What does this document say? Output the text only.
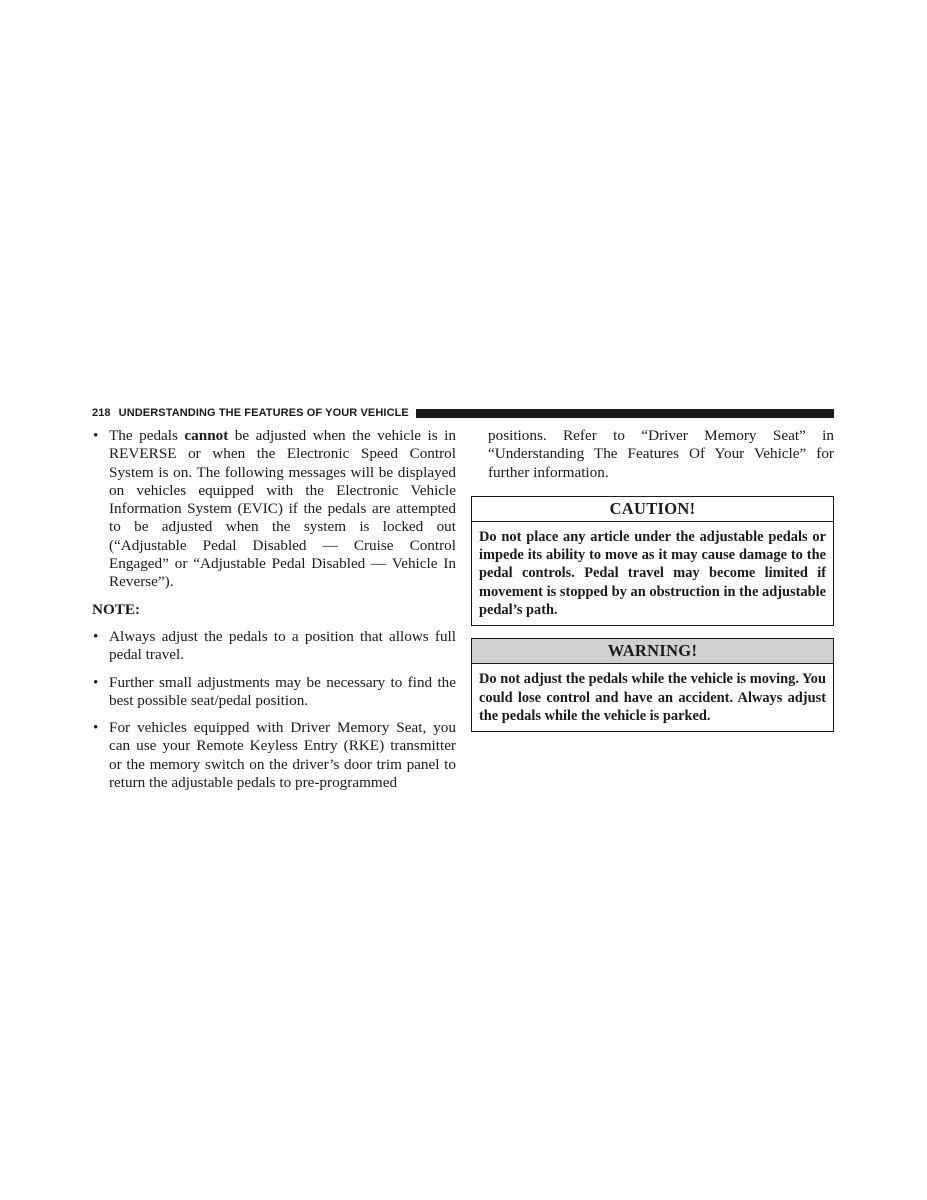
218 UNDERSTANDING THE FEATURES OF YOUR VEHICLE
• The pedals cannot be adjusted when the vehicle is in REVERSE or when the Electronic Speed Control System is on. The following messages will be displayed on vehicles equipped with the Electronic Vehicle Information System (EVIC) if the pedals are attempted to be adjusted when the system is locked out (“Adjustable Pedal Disabled — Cruise Control Engaged” or “Adjustable Pedal Disabled — Vehicle In Reverse”).
NOTE:
• Always adjust the pedals to a position that allows full pedal travel.
• Further small adjustments may be necessary to find the best possible seat/pedal position.
• For vehicles equipped with Driver Memory Seat, you can use your Remote Keyless Entry (RKE) transmitter or the memory switch on the driver’s door trim panel to return the adjustable pedals to pre-programmed
positions. Refer to “Driver Memory Seat” in “Understanding The Features Of Your Vehicle” for further information.
CAUTION!
Do not place any article under the adjustable pedals or impede its ability to move as it may cause damage to the pedal controls. Pedal travel may become limited if movement is stopped by an obstruction in the adjustable pedal’s path.
WARNING!
Do not adjust the pedals while the vehicle is moving. You could lose control and have an accident. Always adjust the pedals while the vehicle is parked.
